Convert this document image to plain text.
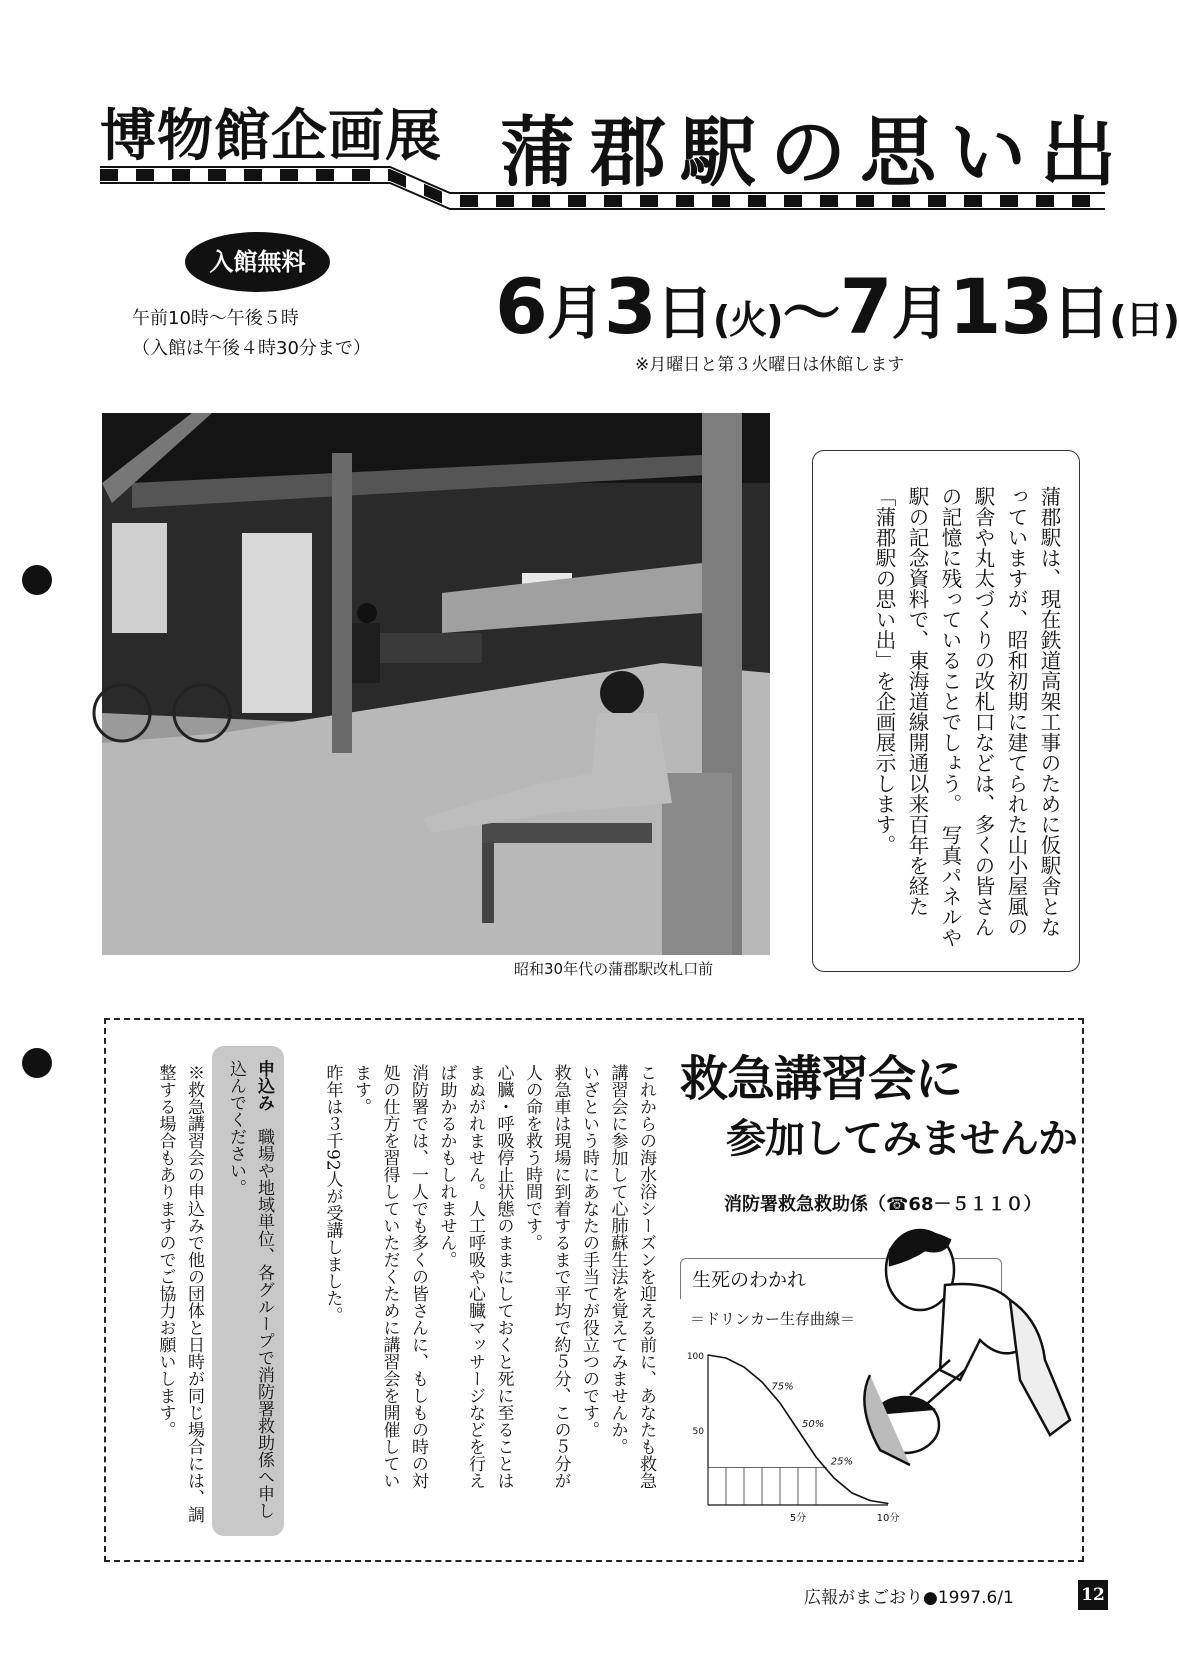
博物館企画展 蒲郡駅の思い出
入館無料
午前10時～午後５時
（入館は午後４時30分まで） 6月3日(火)～7月13日(日)
※月曜日と第３火曜日は休館します
昭和30年代の蒲郡駅改札口前
蒲郡駅は、現在鉄道高架工事のために仮駅舎となっていますが、昭和初期に建てられた山小屋風の駅舎や丸太づくりの改札口などは、多くの皆さんの記憶に残っていることでしょう。　写真パネルや駅の記念資料で、東海道線開通以来百年を経た「蒲郡駅の思い出」を企画展示します。
救急講習会に
参加してみませんか
消防署救急救助係（☎68－５１１０）

これからの海水浴シーズンを迎える前に、あなたも救急講習会に参加して心肺蘇生法を覚えてみませんか。

いざという時にあなたの手当てが役立つのです。

救急車は現場に到着するまで平均で約５分、この５分が人の命を救う時間です。

心臓・呼吸停止状態のままにしておくと死に至ることはまぬがれません。人工呼吸や心臓マッサージなどを行えば助かるかもしれません。

消防署では、一人でも多くの皆さんに、もしもの時の対処の仕方を習得していただくために講習会を開催しています。

昨年は３千92人が受講しました。

申込み　職場や地域単位、各グループで消防署救助係へ申し込んでください。
※救急講習会の申込みで他の団体と日時が同じ場合には、調整する場合もありますのでご協力お願いします。	生死のわかれ
＝ドリンカー生存曲線＝
100
50
5分	10分
75%
50%
25%
広報がまごおり●1997.6/1	12
